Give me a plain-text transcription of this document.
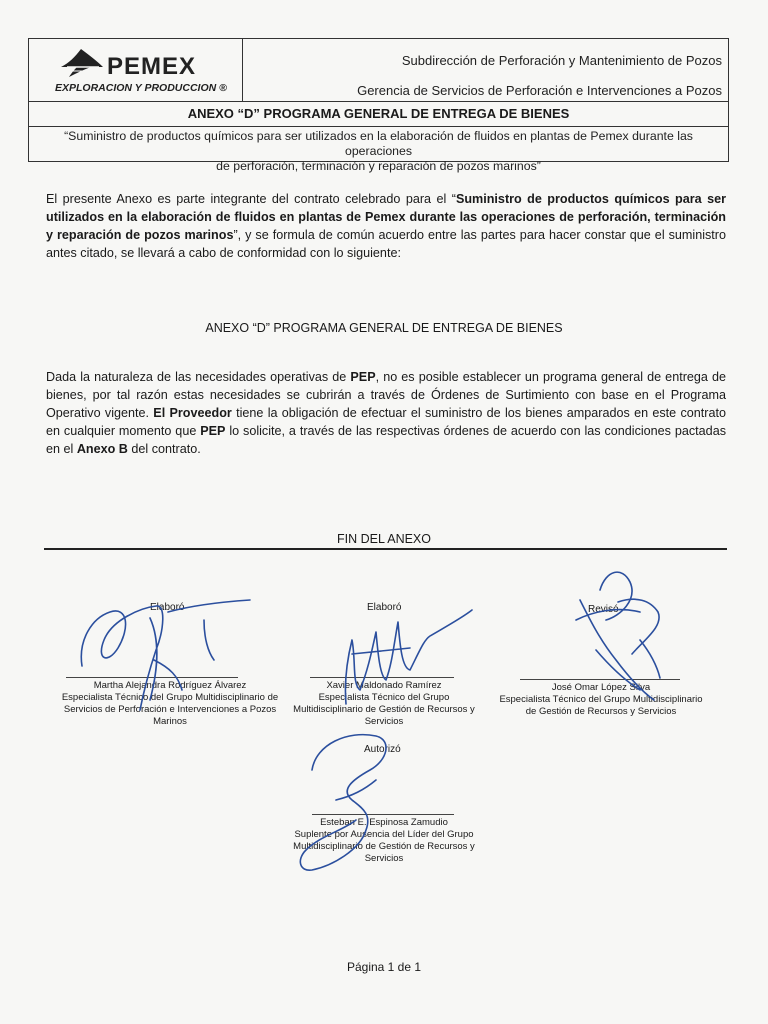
PEMEX
EXPLORACION Y PRODUCCION ®
Subdirección de Perforación y Mantenimiento de Pozos
Gerencia de Servicios de Perforación e Intervenciones a Pozos
ANEXO “D” PROGRAMA GENERAL DE ENTREGA DE BIENES
“Suministro de productos químicos para ser utilizados en la elaboración de fluidos en plantas de Pemex durante las operaciones
de perforación, terminación y reparación de pozos marinos”
El presente Anexo es parte integrante del contrato celebrado para el “Suministro de productos químicos para ser utilizados en la elaboración de fluidos en plantas de Pemex durante las operaciones de perforación, terminación y reparación de pozos marinos”, y se formula de común acuerdo entre las partes para hacer constar que el suministro antes citado, se llevará a cabo de conformidad con lo siguiente:
ANEXO “D” PROGRAMA GENERAL DE ENTREGA DE BIENES
Dada la naturaleza de las necesidades operativas de PEP, no es posible establecer un programa general de entrega de bienes, por tal razón estas necesidades se cubrirán a través de Órdenes de Surtimiento con base en el Programa Operativo vigente. El Proveedor tiene la obligación de efectuar el suministro de los bienes amparados en este contrato en cualquier momento que PEP lo solicite, a través de las respectivas órdenes de acuerdo con las condiciones pactadas en el Anexo B del contrato.
FIN DEL ANEXO
Elaboró
Martha Alejandra Rodríguez Álvarez
Especialista Técnico del Grupo Multidisciplinario de Servicios de Perforación e Intervenciones a Pozos Marinos
Elaboró
Xavier Maldonado Ramírez
Especialista Técnico del Grupo Multidisciplinario de Gestión de Recursos y Servicios
Revisó
José Omar López Silva
Especialista Técnico del Grupo Multidisciplinario de Gestión de Recursos y Servicios
Autorizó
Esteban E. Espinosa Zamudio
Suplente por Ausencia del Líder del Grupo Multidisciplinario de Gestión de Recursos y Servicios
Página 1 de 1
